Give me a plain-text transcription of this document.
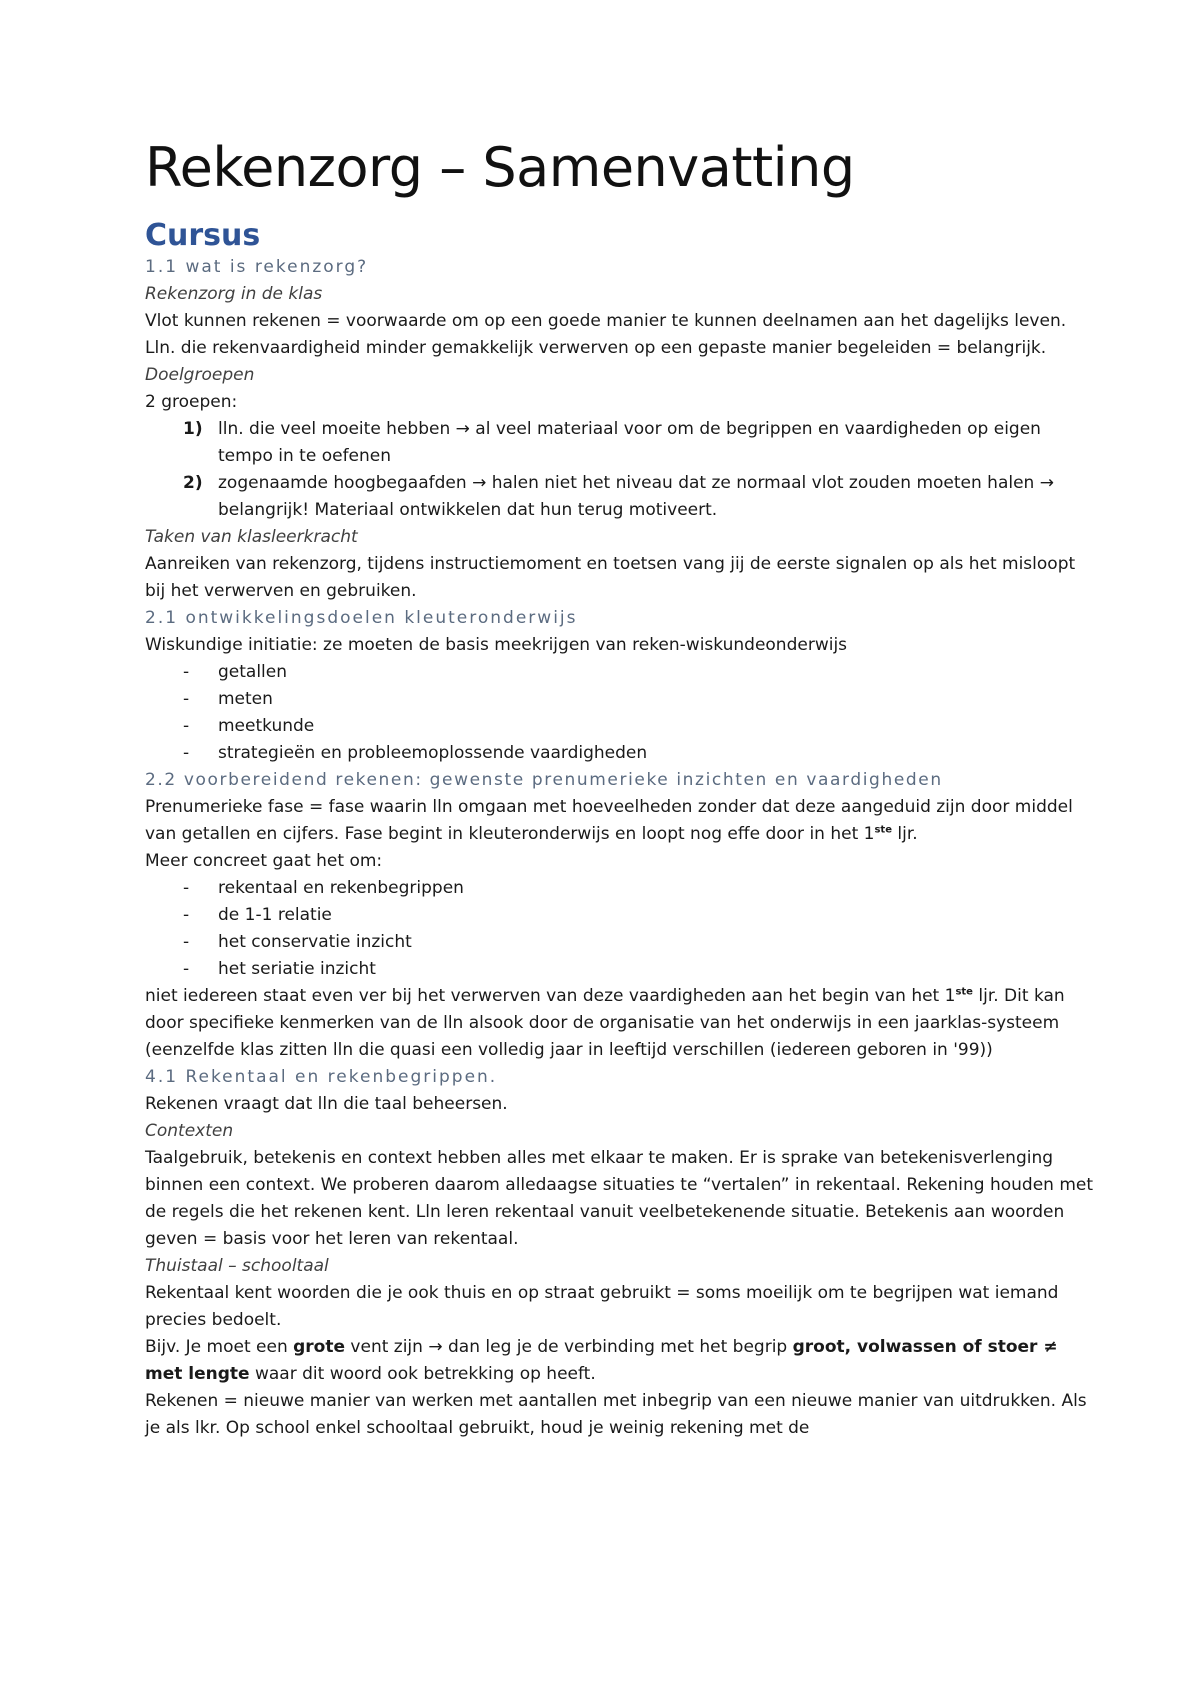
Rekenzorg – Samenvatting
Cursus
1.1 wat is rekenzorg?
Rekenzorg in de klas

Vlot kunnen rekenen = voorwaarde om op een goede manier te kunnen deelnamen aan het dagelijks leven. Lln. die rekenvaardigheid minder gemakkelijk verwerven op een gepaste manier begeleiden = belangrijk.

Doelgroepen

2 groepen:

1) lln. die veel moeite hebben → al veel materiaal voor om de begrippen en vaardigheden op eigen tempo in te oefenen
2) zogenaamde hoogbegaafden → halen niet het niveau dat ze normaal vlot zouden moeten halen → belangrijk! Materiaal ontwikkelen dat hun terug motiveert.
Taken van klasleerkracht

Aanreiken van rekenzorg, tijdens instructiemoment en toetsen vang jij de eerste signalen op als het misloopt bij het verwerven en gebruiken.

2.1 ontwikkelingsdoelen kleuteronderwijs

Wiskundige initiatie: ze moeten de basis meekrijgen van reken-wiskundeonderwijs

- getallen
- meten
- meetkunde
- strategieën en probleemoplossende vaardigheden
2.2 voorbereidend rekenen: gewenste prenumerieke inzichten en vaardigheden

Prenumerieke fase = fase waarin lln omgaan met hoeveelheden zonder dat deze aangeduid zijn door middel van getallen en cijfers. Fase begint in kleuteronderwijs en loopt nog effe door in het 1ste ljr.

Meer concreet gaat het om:

- rekentaal en rekenbegrippen
- de 1-1 relatie
- het conservatie inzicht
- het seriatie inzicht

niet iedereen staat even ver bij het verwerven van deze vaardigheden aan het begin van het 1ste ljr. Dit kan door specifieke kenmerken van de lln alsook door de organisatie van het onderwijs in een jaarklas-systeem (eenzelfde klas zitten lln die quasi een volledig jaar in leeftijd verschillen (iedereen geboren in '99))

4.1 Rekentaal en rekenbegrippen.

Rekenen vraagt dat lln die taal beheersen.

Contexten

Taalgebruik, betekenis en context hebben alles met elkaar te maken. Er is sprake van betekenisverlenging binnen een context. We proberen daarom alledaagse situaties te “vertalen” in rekentaal. Rekening houden met de regels die het rekenen kent. Lln leren rekentaal vanuit veelbetekenende situatie. Betekenis aan woorden geven = basis voor het leren van rekentaal.

Thuistaal – schooltaal

Rekentaal kent woorden die je ook thuis en op straat gebruikt = soms moeilijk om te begrijpen wat iemand precies bedoelt.

Bijv. Je moet een grote vent zijn → dan leg je de verbinding met het begrip groot, volwassen of stoer ≠ met lengte waar dit woord ook betrekking op heeft.

Rekenen = nieuwe manier van werken met aantallen met inbegrip van een nieuwe manier van uitdrukken. Als je als lkr. Op school enkel schooltaal gebruikt, houd je weinig rekening met de
